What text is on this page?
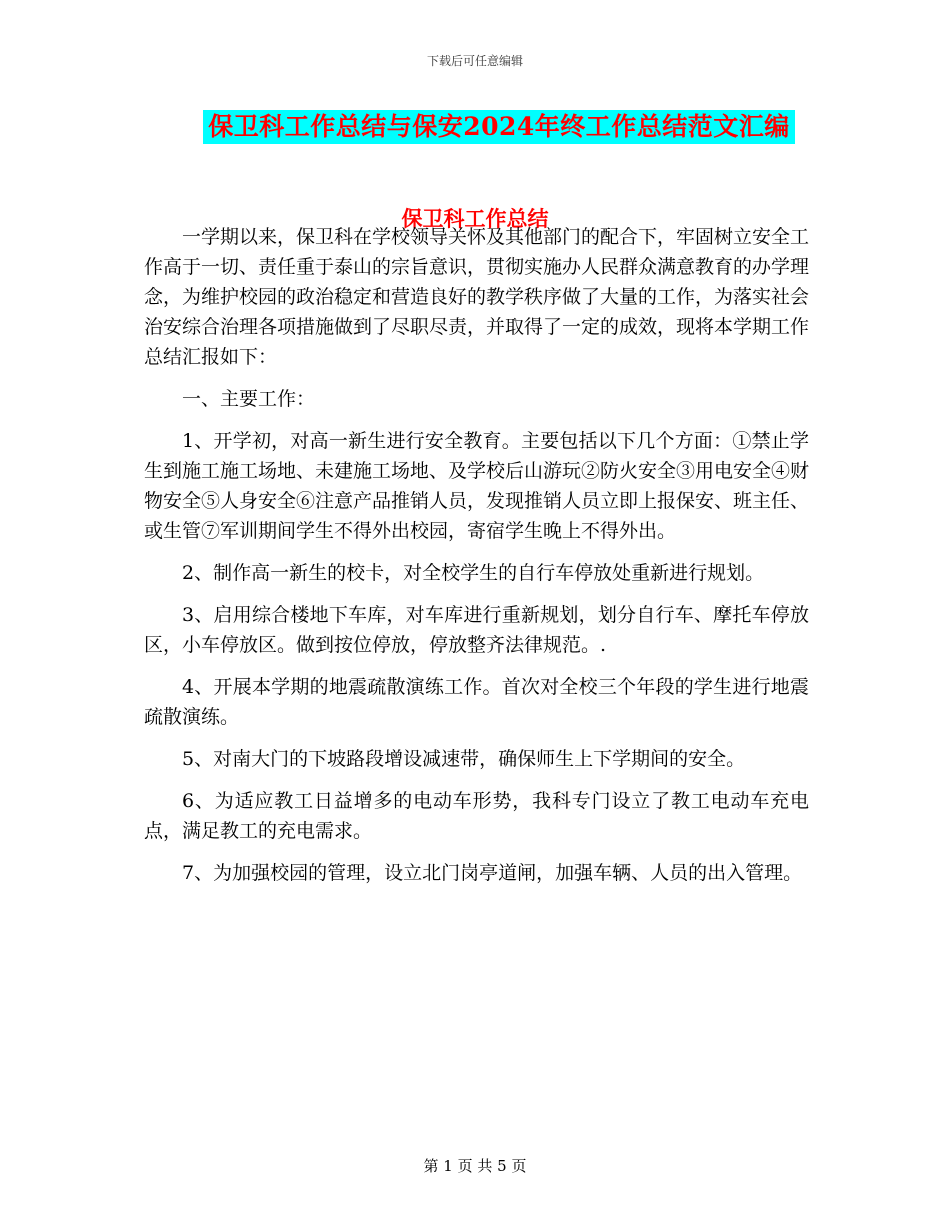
下载后可任意编辑
保卫科工作总结与保安2024年终工作总结范文汇编
保卫科工作总结

一学期以来，保卫科在学校领导关怀及其他部门的配合下，牢固树立安全工作高于一切、责任重于泰山的宗旨意识，贯彻实施办人民群众满意教育的办学理念，为维护校园的政治稳定和营造良好的教学秩序做了大量的工作，为落实社会治安综合治理各项措施做到了尽职尽责，并取得了一定的成效，现将本学期工作总结汇报如下：

一、主要工作：

1、开学初，对高一新生进行安全教育。主要包括以下几个方面：①禁止学生到施工施工场地、未建施工场地、及学校后山游玩②防火安全③用电安全④财物安全⑤人身安全⑥注意产品推销人员，发现推销人员立即上报保安、班主任、或生管⑦军训期间学生不得外出校园，寄宿学生晚上不得外出。

2、制作高一新生的校卡，对全校学生的自行车停放处重新进行规划。

3、启用综合楼地下车库，对车库进行重新规划，划分自行车、摩托车停放区，小车停放区。做到按位停放，停放整齐法律规范。.

4、开展本学期的地震疏散演练工作。首次对全校三个年段的学生进行地震疏散演练。

5、对南大门的下坡路段增设减速带，确保师生上下学期间的安全。

6、为适应教工日益增多的电动车形势，我科专门设立了教工电动车充电点，满足教工的充电需求。

7、为加强校园的管理，设立北门岗亭道闸，加强车辆、人员的出入管理。

第 1 页 共 5 页
